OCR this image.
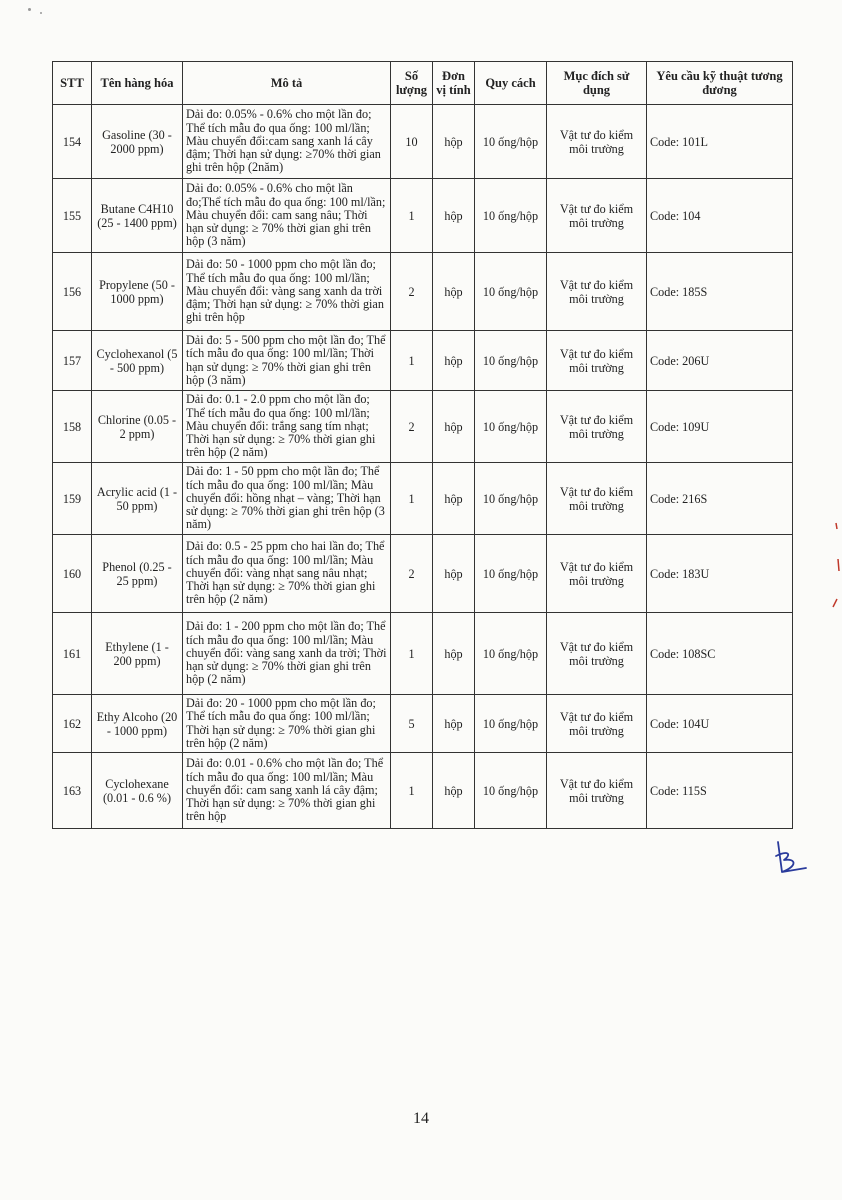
STT	Tên hàng hóa	Mô tả	Số lượng	Đơn vị tính	Quy cách	Mục đích sử dụng	Yêu cầu kỹ thuật tương đương
154	Gasoline (30 - 2000 ppm)	Dải đo: 0.05% - 0.6% cho một lần đo; Thể tích mẫu đo qua ống: 100 ml/lần; Màu chuyển đổi:cam sang xanh lá cây đậm; Thời hạn sử dụng: ≥70% thời gian ghi trên hộp (2năm)	10	hộp	10 ống/hộp	Vật tư đo kiểm môi trường	Code: 101L
155	Butane C4H10 (25 - 1400 ppm)	Dải đo: 0.05% - 0.6% cho một lần đo;Thể tích mẫu đo qua ống: 100 ml/lần; Màu chuyển đổi: cam sang nâu; Thời hạn sử dụng: ≥ 70% thời gian ghi trên hộp (3 năm)	1	hộp	10 ống/hộp	Vật tư đo kiểm môi trường	Code: 104
156	Propylene (50 - 1000 ppm)	Dải đo: 50 - 1000 ppm cho một lần đo; Thể tích mẫu đo qua ống: 100 ml/lần; Màu chuyển đổi: vàng sang xanh da trời đậm; Thời hạn sử dụng: ≥ 70% thời gian ghi trên hộp	2	hộp	10 ống/hộp	Vật tư đo kiểm môi trường	Code: 185S
157	Cyclohexanol (5 - 500 ppm)	Dải đo: 5 - 500 ppm cho một lần đo; Thể tích mẫu đo qua ống: 100 ml/lần; Thời hạn sử dụng: ≥ 70% thời gian ghi trên hộp (3 năm)	1	hộp	10 ống/hộp	Vật tư đo kiểm môi trường	Code: 206U
158	Chlorine (0.05 - 2 ppm)	Dải đo: 0.1 - 2.0 ppm cho một lần đo; Thể tích mẫu đo qua ống: 100 ml/lần; Màu chuyển đổi: trắng sang tím nhạt; Thời hạn sử dụng: ≥ 70% thời gian ghi trên hộp (2 năm)	2	hộp	10 ống/hộp	Vật tư đo kiểm môi trường	Code: 109U
159	Acrylic acid (1 - 50 ppm)	Dải đo: 1 - 50 ppm cho một lần đo; Thể tích mẫu đo qua ống: 100 ml/lần; Màu chuyển đổi: hồng nhạt – vàng; Thời hạn sử dụng: ≥ 70% thời gian ghi trên hộp (3 năm)	1	hộp	10 ống/hộp	Vật tư đo kiểm môi trường	Code: 216S
160	Phenol (0.25 - 25 ppm)	Dải đo: 0.5 - 25 ppm cho hai lần đo; Thể tích mẫu đo qua ống: 100 ml/lần; Màu chuyển đổi: vàng nhạt sang nâu nhạt; Thời hạn sử dụng: ≥ 70% thời gian ghi trên hộp (2 năm)	2	hộp	10 ống/hộp	Vật tư đo kiểm môi trường	Code: 183U
161	Ethylene (1 - 200 ppm)	Dải đo: 1 - 200 ppm cho một lần đo; Thể tích mẫu đo qua ống: 100 ml/lần; Màu chuyển đổi: vàng sang xanh da trời; Thời hạn sử dụng: ≥ 70% thời gian ghi trên hộp (2 năm)	1	hộp	10 ống/hộp	Vật tư đo kiểm môi trường	Code: 108SC
162	Ethy Alcoho (20 - 1000 ppm)	Dải đo: 20 - 1000 ppm cho một lần đo; Thể tích mẫu đo qua ống: 100 ml/lần; Thời hạn sử dụng: ≥ 70% thời gian ghi trên hộp (2 năm)	5	hộp	10 ống/hộp	Vật tư đo kiểm môi trường	Code: 104U
163	Cyclohexane (0.01 - 0.6 %)	Dải đo: 0.01 - 0.6% cho một lần đo; Thể tích mẫu đo qua ống: 100 ml/lần; Màu chuyển đổi: cam sang xanh lá cây đậm; Thời hạn sử dụng: ≥ 70% thời gian ghi trên hộp	1	hộp	10 ống/hộp	Vật tư đo kiểm môi trường	Code: 115S
14
